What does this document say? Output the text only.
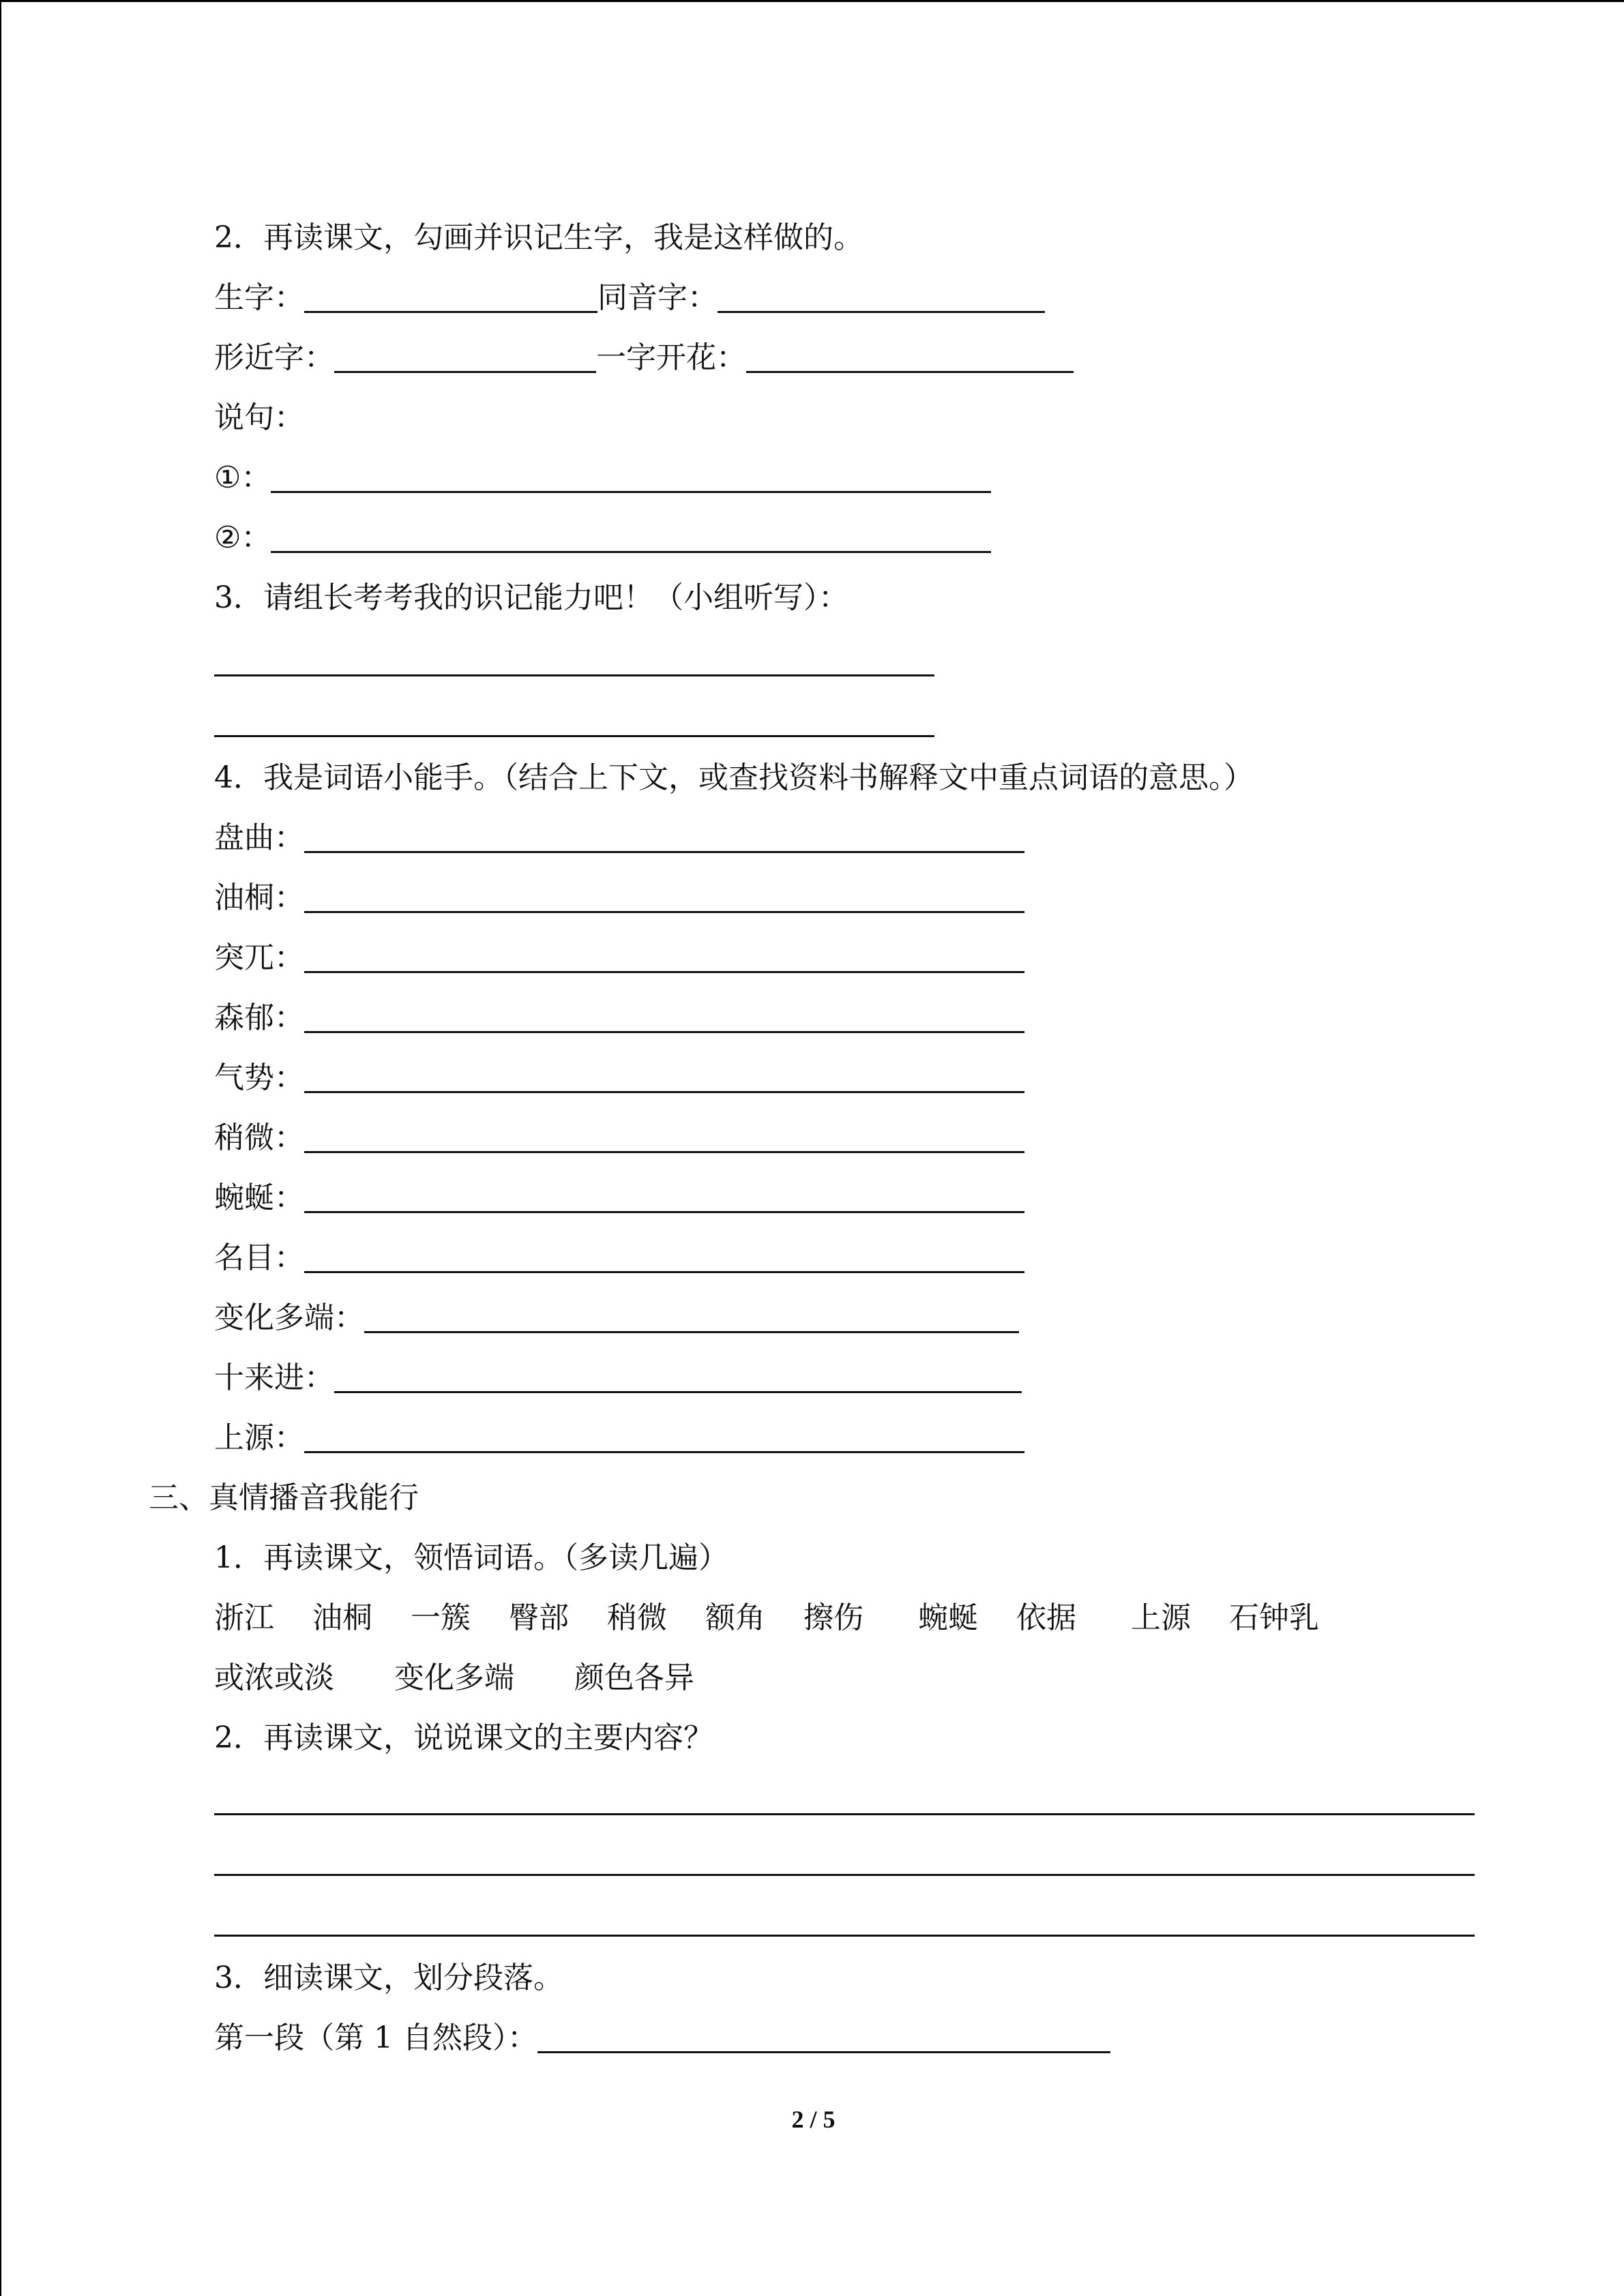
2．再读课文，勾画并识记生字，我是这样做的。
生字：	同音字：
形近字：	一字开花：
说句：
①：
②：
3．请组长考考我的识记能力吧！（小组听写）：
4．我是词语小能手。（结合上下文，或查找资料书解释文中重点词语的意思。）
盘曲：
油桐：
突兀：
森郁：
气势：
稍微：
蜿蜒：
名目：
变化多端：
十来进：
上源：
三、真情播音我能行
1．再读课文，领悟词语。（多读几遍）
浙江 油桐 一簇 臀部 稍微 额角 擦伤 蜿蜒 依据 上源 石钟乳
或浓或淡 变化多端 颜色各异
2．再读课文，说说课文的主要内容？
3．细读课文，划分段落。
第一段（第 1 自然段）：
2 / 5
